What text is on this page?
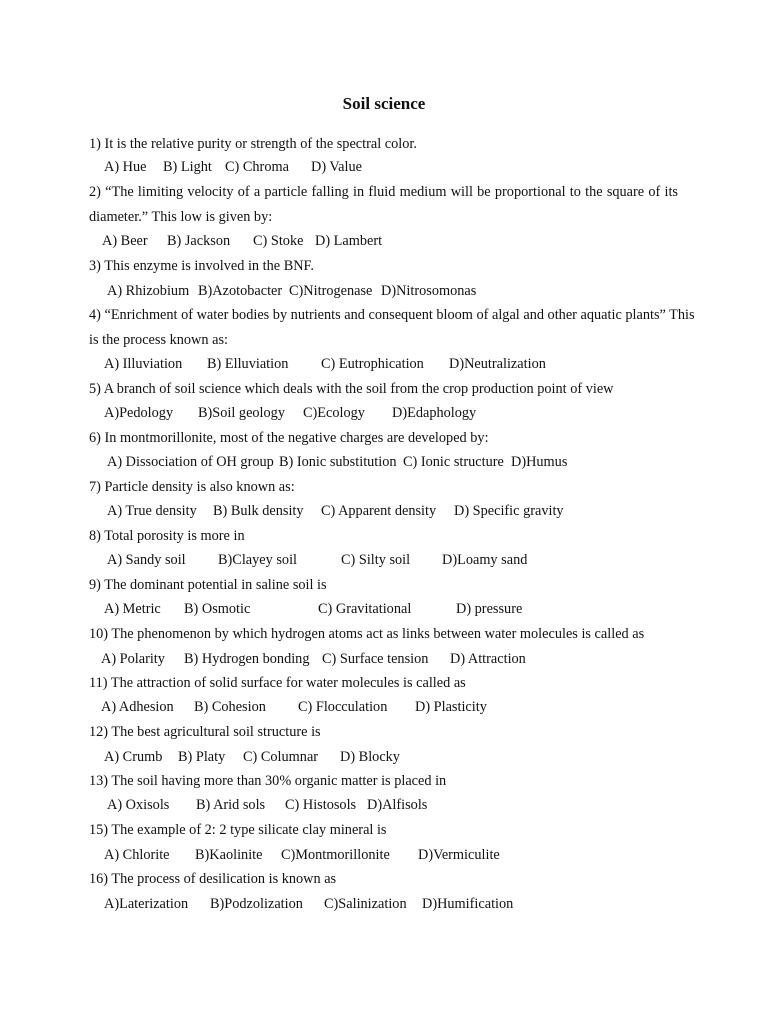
Soil science
1) It is the relative purity or strength of the spectral color.
A) Hue B) Light C) Chroma D) Value
2) “The limiting velocity of a particle falling in fluid medium will be proportional to the square of its
diameter.” This low is given by:
A) Beer B) Jackson C) Stoke D) Lambert
3) This enzyme is involved in the BNF.
A) Rhizobium B)Azotobacter C)Nitrogenase D)Nitrosomonas
4) “Enrichment of water bodies by nutrients and consequent bloom of algal and other aquatic plants” This
is the process known as:
A) Illuviation B) Elluviation C) Eutrophication D)Neutralization
5) A branch of soil science which deals with the soil from the crop production point of view
A)Pedology B)Soil geology C)Ecology D)Edaphology
6) In montmorillonite, most of the negative charges are developed by:
A) Dissociation of OH group B) Ionic substitution C) Ionic structure D)Humus
7) Particle density is also known as:
A) True density B) Bulk density C) Apparent density D) Specific gravity
8) Total porosity is more in
A) Sandy soil B)Clayey soil	C) Silty soil D)Loamy sand
9) The dominant potential in saline soil is
A) Metric B) Osmotic	C) Gravitational	D) pressure
10) The phenomenon by which hydrogen atoms act as links between water molecules is called as
A) Polarity B) Hydrogen bonding C) Surface tension D) Attraction
11) The attraction of solid surface for water molecules is called as
A) Adhesion B) Cohesion C) Flocculation D) Plasticity
12) The best agricultural soil structure is
A) Crumb B) Platy C) Columnar D) Blocky
13) The soil having more than 30% organic matter is placed in
A) Oxisols B) Arid sols C) Histosols D)Alfisols
15) The example of 2: 2 type silicate clay mineral is
A) Chlorite B)Kaolinite C)Montmorillonite D)Vermiculite
16) The process of desilication is known as
A)Laterization B)Podzolization C)Salinization D)Humification
